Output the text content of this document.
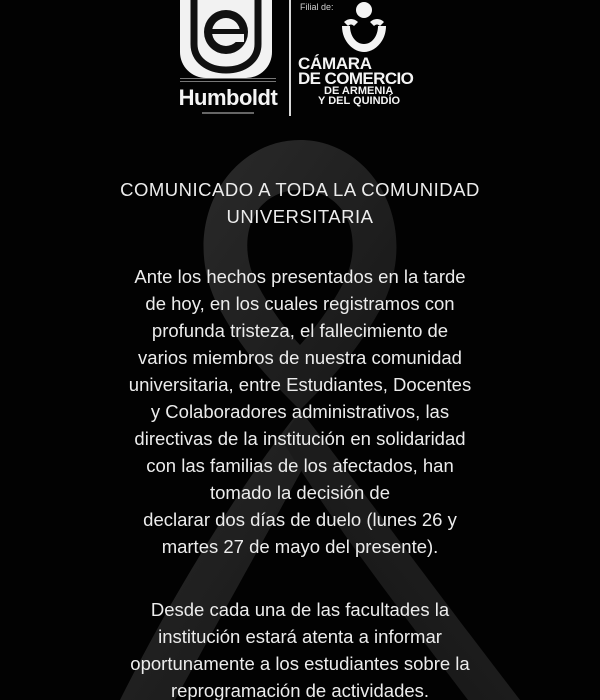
Humboldt
Filial de:
CÁMARA
DE COMERCIO
DE ARMENIA
Y DEL QUINDÍO
COMUNICADO A TODA LA COMUNIDAD
UNIVERSITARIA
Ante los hechos presentados en la tarde
de hoy, en los cuales registramos con
profunda tristeza, el fallecimiento de
varios miembros de nuestra comunidad
universitaria, entre Estudiantes, Docentes
y Colaboradores administrativos, las
directivas de la institución en solidaridad
con las familias de los afectados, han
tomado la decisión de
declarar dos días de duelo (lunes 26 y
martes 27 de mayo del presente).
Desde cada una de las facultades la
institución estará atenta a informar
oportunamente a los estudiantes sobre la
reprogramación de actividades.
